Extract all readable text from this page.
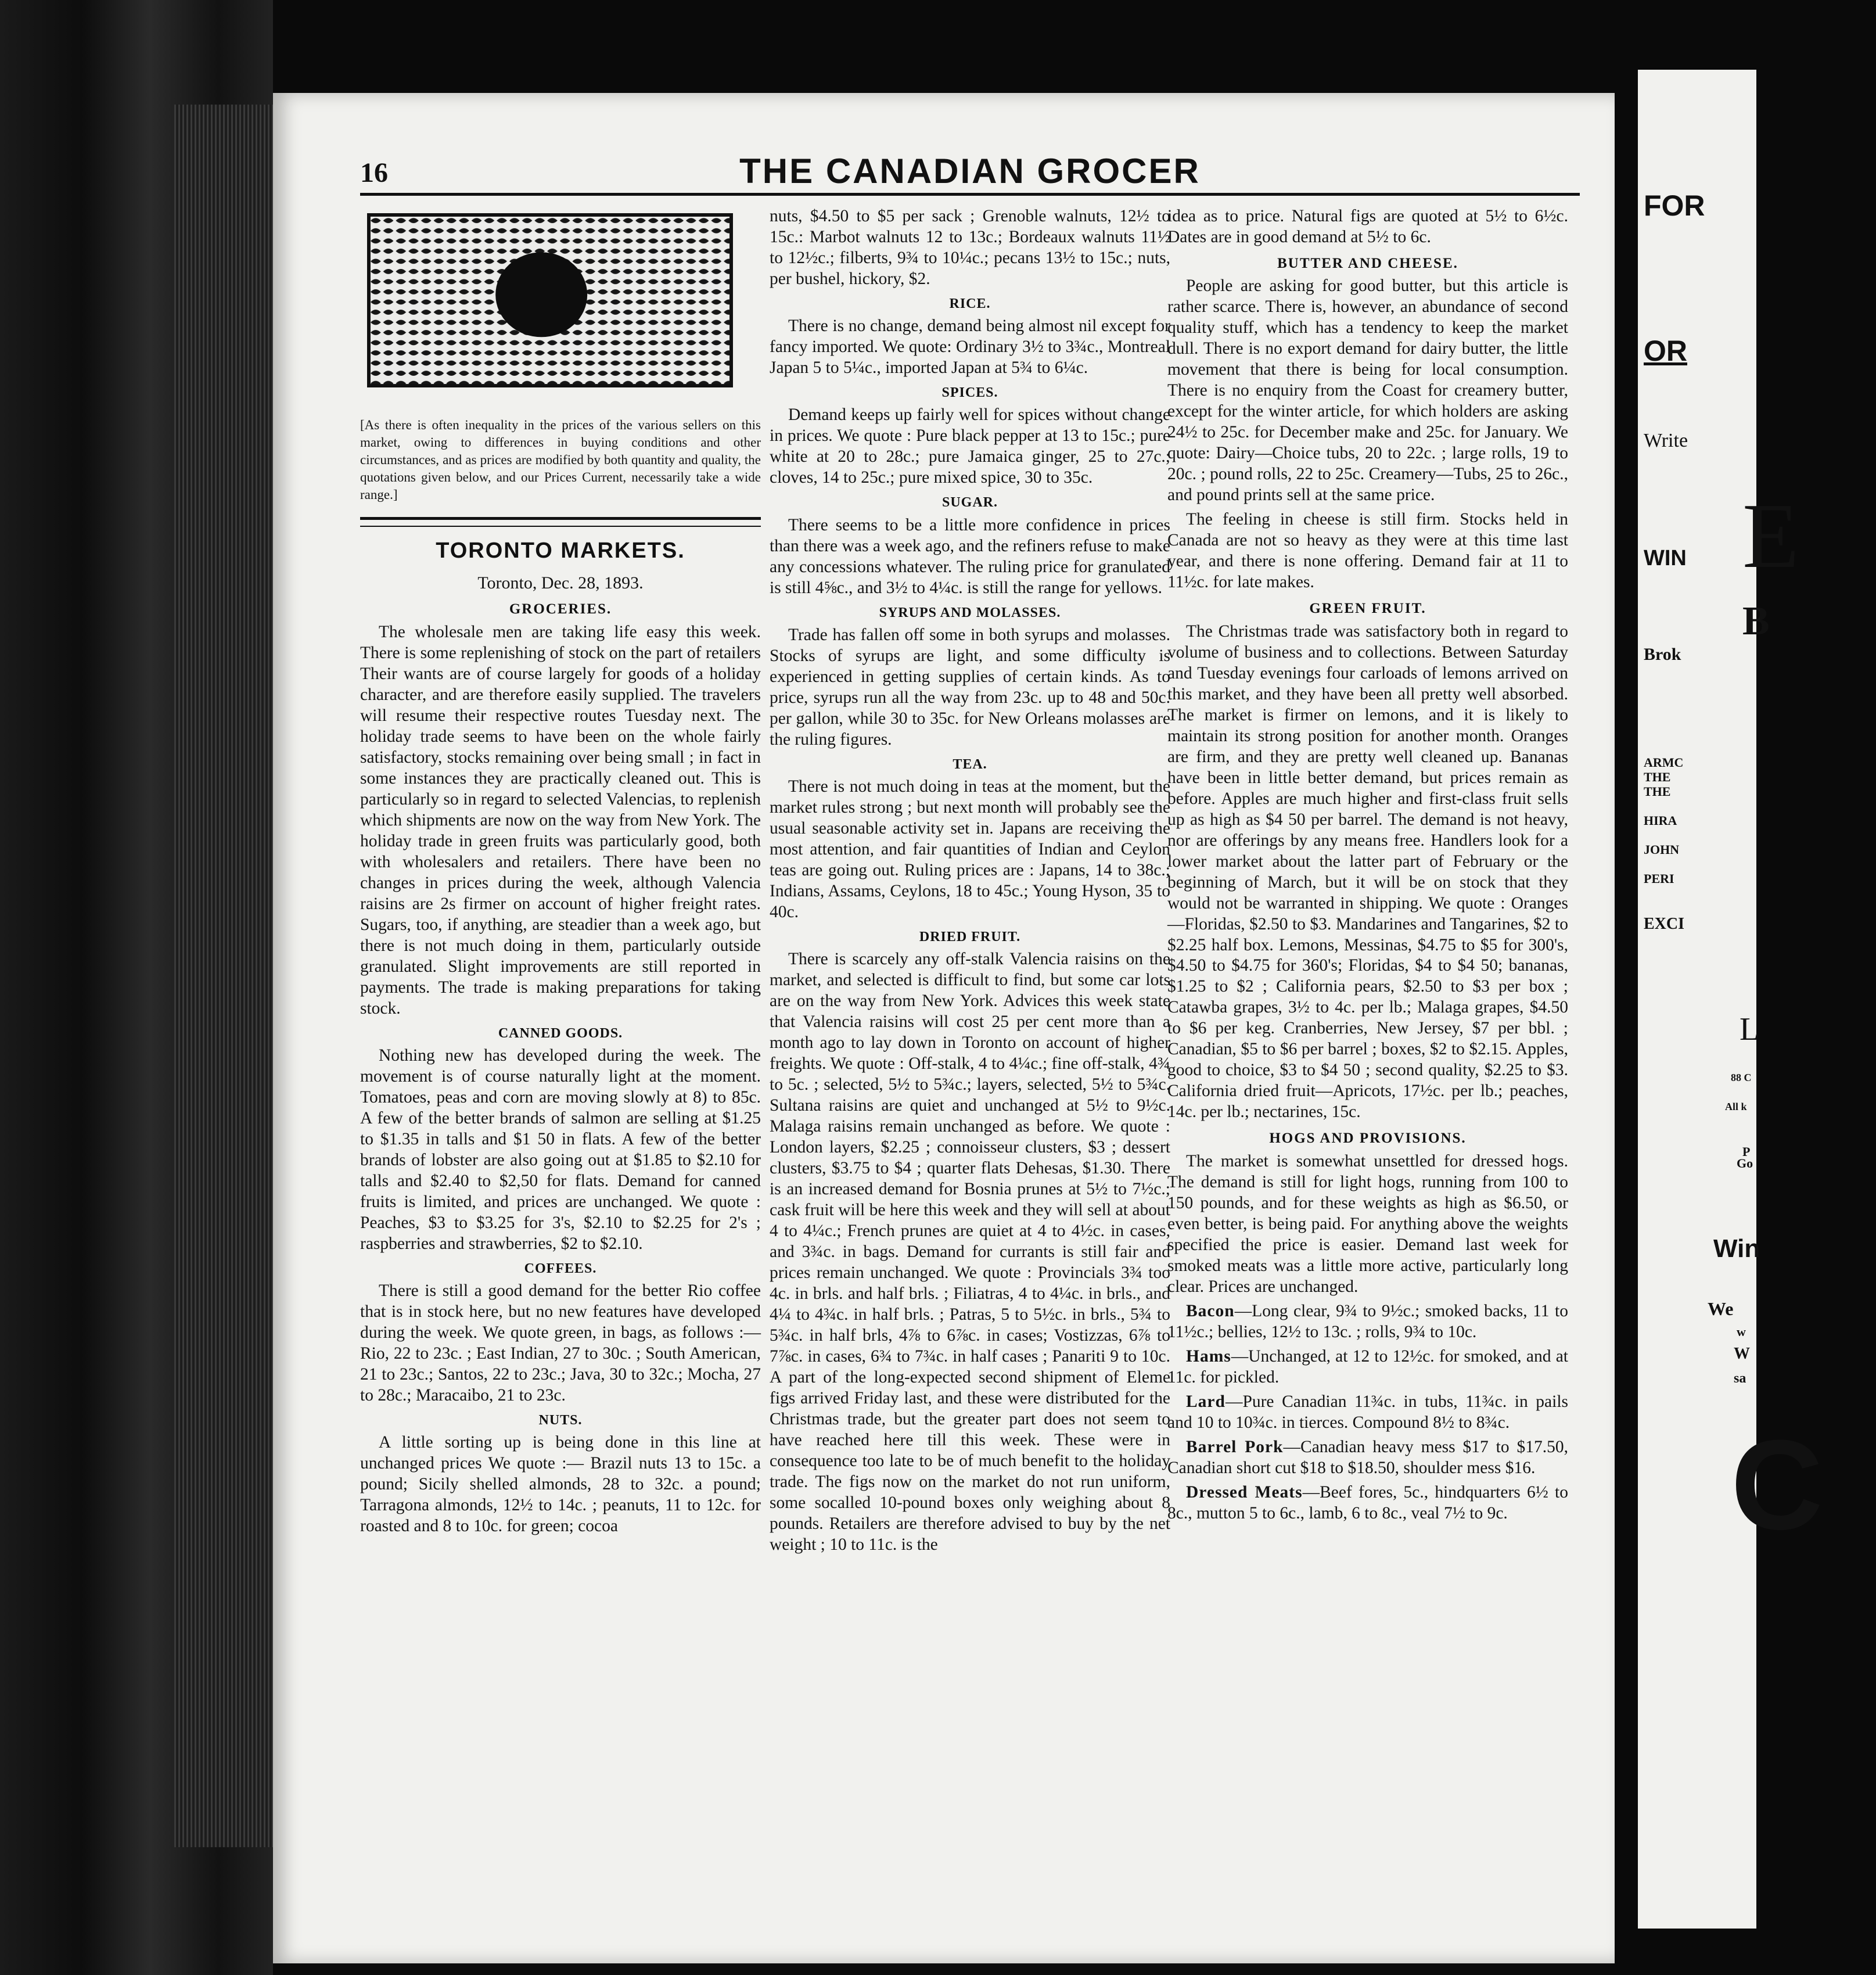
FOR
OR
Write
E
WIN
B
Brok
ARMC
THE
THE
HIRA
JOHN
PERI
EXCI
L
88 C
All k
P
Go
Win
We
w
W
sa
C
16	THE CANADIAN GROCER
[As there is often inequality in the prices of the various sellers on this market, owing to differences in buying conditions and other circumstances, and as prices are modified by both quantity and quality, the quotations given below, and our Prices Current, necessarily take a wide range.]
TORONTO MARKETS.
Toronto, Dec. 28, 1893.
GROCERIES.

The wholesale men are taking life easy this week. There is some replenishing of stock on the part of retailers Their wants are of course largely for goods of a holiday character, and are therefore easily supplied. The travelers will resume their respective routes Tuesday next. The holiday trade seems to have been on the whole fairly satisfactory, stocks remaining over being small ; in fact in some instances they are practically cleaned out. This is particularly so in regard to selected Valencias, to replenish which shipments are now on the way from New York. The holiday trade in green fruits was particularly good, both with wholesalers and retailers. There have been no changes in prices during the week, although Valencia raisins are 2s firmer on account of higher freight rates. Sugars, too, if anything, are steadier than a week ago, but there is not much doing in them, particularly outside granulated. Slight improvements are still reported in payments. The trade is making preparations for taking stock.

CANNED GOODS.

Nothing new has developed during the week. The movement is of course naturally light at the moment. Tomatoes, peas and corn are moving slowly at 8) to 85c. A few of the better brands of salmon are selling at $1.25 to $1.35 in talls and $1 50 in flats. A few of the better brands of lobster are also going out at $1.85 to $2.10 for talls and $2.40 to $2,50 for flats. Demand for canned fruits is limited, and prices are unchanged. We quote : Peaches, $3 to $3.25 for 3's, $2.10 to $2.25 for 2's ; raspberries and strawberries, $2 to $2.10.

COFFEES.

There is still a good demand for the better Rio coffee that is in stock here, but no new features have developed during the week. We quote green, in bags, as follows :—Rio, 22 to 23c. ; East Indian, 27 to 30c. ; South American, 21 to 23c.; Santos, 22 to 23c.; Java, 30 to 32c.; Mocha, 27 to 28c.; Maracaibo, 21 to 23c.

NUTS.

A little sorting up is being done in this line at unchanged prices We quote :— Brazil nuts 13 to 15c. a pound; Sicily shelled almonds, 28 to 32c. a pound; Tarragona almonds, 12½ to 14c. ; peanuts, 11 to 12c. for roasted and 8 to 10c. for green; cocoa

nuts, $4.50 to $5 per sack ; Grenoble walnuts, 12½ to 15c.: Marbot walnuts 12 to 13c.; Bordeaux walnuts 11½ to 12½c.; filberts, 9¾ to 10¼c.; pecans 13½ to 15c.; nuts, per bushel, hickory, $2.

RICE.

There is no change, demand being almost nil except for fancy imported. We quote: Ordinary 3½ to 3¾c., Montreal Japan 5 to 5¼c., imported Japan at 5¾ to 6¼c.

SPICES.

Demand keeps up fairly well for spices without change in prices. We quote : Pure black pepper at 13 to 15c.; pure white at 20 to 28c.; pure Jamaica ginger, 25 to 27c.; cloves, 14 to 25c.; pure mixed spice, 30 to 35c.

SUGAR.

There seems to be a little more confidence in prices than there was a week ago, and the refiners refuse to make any concessions whatever. The ruling price for granulated is still 4⅝c., and 3½ to 4¼c. is still the range for yellows.

SYRUPS AND MOLASSES.

Trade has fallen off some in both syrups and molasses. Stocks of syrups are light, and some difficulty is experienced in getting supplies of certain kinds. As to price, syrups run all the way from 23c. up to 48 and 50c. per gallon, while 30 to 35c. for New Orleans molasses are the ruling figures.

TEA.

There is not much doing in teas at the moment, but the market rules strong ; but next month will probably see the usual seasonable activity set in. Japans are receiving the most attention, and fair quantities of Indian and Ceylon teas are going out. Ruling prices are : Japans, 14 to 38c.; Indians, Assams, Ceylons, 18 to 45c.; Young Hyson, 35 to 40c.

DRIED FRUIT.

There is scarcely any off-stalk Valencia raisins on the market, and selected is difficult to find, but some car lots are on the way from New York. Advices this week state that Valencia raisins will cost 25 per cent more than a month ago to lay down in Toronto on account of higher freights. We quote : Off-stalk, 4 to 4¼c.; fine off-stalk, 4¾ to 5c. ; selected, 5½ to 5¾c.; layers, selected, 5½ to 5¾c. Sultana raisins are quiet and unchanged at 5½ to 9½c. Malaga raisins remain unchanged as before. We quote : London layers, $2.25 ; connoisseur clusters, $3 ; dessert clusters, $3.75 to $4 ; quarter flats Dehesas, $1.30. There is an increased demand for Bosnia prunes at 5½ to 7½c.; cask fruit will be here this week and they will sell at about 4 to 4¼c.; French prunes are quiet at 4 to 4½c. in cases, and 3¾c. in bags. Demand for currants is still fair and prices remain unchanged. We quote : Provincials 3¾ too 4c. in brls. and half brls. ; Filiatras, 4 to 4¼c. in brls., and 4¼ to 4¾c. in half brls. ; Patras, 5 to 5½c. in brls., 5¾ to 5¾c. in half brls, 4⅞ to 6⅞c. in cases; Vostizzas, 6⅞ to 7⅞c. in cases, 6¾ to 7¾c. in half cases ; Panariti 9 to 10c. A part of the long-expected second shipment of Eleme figs arrived Friday last, and these were distributed for the Christmas trade, but the greater part does not seem to have reached here till this week. These were in consequence too late to be of much benefit to the holiday trade. The figs now on the market do not run uniform, some socalled 10-pound boxes only weighing about 8 pounds. Retailers are therefore advised to buy by the net weight ; 10 to 11c. is the

idea as to price. Natural figs are quoted at 5½ to 6½c. Dates are in good demand at 5½ to 6c.

BUTTER AND CHEESE.

People are asking for good butter, but this article is rather scarce. There is, however, an abundance of second quality stuff, which has a tendency to keep the market dull. There is no export demand for dairy butter, the little movement that there is being for local consumption. There is no enquiry from the Coast for creamery butter, except for the winter article, for which holders are asking 24½ to 25c. for December make and 25c. for January. We quote: Dairy—Choice tubs, 20 to 22c. ; large rolls, 19 to 20c. ; pound rolls, 22 to 25c. Creamery—Tubs, 25 to 26c., and pound prints sell at the same price.

The feeling in cheese is still firm. Stocks held in Canada are not so heavy as they were at this time last year, and there is none offering. Demand fair at 11 to 11½c. for late makes.

GREEN FRUIT.

The Christmas trade was satisfactory both in regard to volume of business and to collections. Between Saturday and Tuesday evenings four carloads of lemons arrived on this market, and they have been all pretty well absorbed. The market is firmer on lemons, and it is likely to maintain its strong position for another month. Oranges are firm, and they are pretty well cleaned up. Bananas have been in little better demand, but prices remain as before. Apples are much higher and first-class fruit sells up as high as $4 50 per barrel. The demand is not heavy, nor are offerings by any means free. Handlers look for a lower market about the latter part of February or the beginning of March, but it will be on stock that they would not be warranted in shipping. We quote : Oranges—Floridas, $2.50 to $3. Mandarines and Tangarines, $2 to $2.25 half box. Lemons, Messinas, $4.75 to $5 for 300's, $4.50 to $4.75 for 360's; Floridas, $4 to $4 50; bananas, $1.25 to $2 ; California pears, $2.50 to $3 per box ; Catawba grapes, 3½ to 4c. per lb.; Malaga grapes, $4.50 to $6 per keg. Cranberries, New Jersey, $7 per bbl. ; Canadian, $5 to $6 per barrel ; boxes, $2 to $2.15. Apples, good to choice, $3 to $4 50 ; second quality, $2.25 to $3. California dried fruit—Apricots, 17½c. per lb.; peaches, 14c. per lb.; nectarines, 15c.

HOGS AND PROVISIONS.

The market is somewhat unsettled for dressed hogs. The demand is still for light hogs, running from 100 to 150 pounds, and for these weights as high as $6.50, or even better, is being paid. For anything above the weights specified the price is easier. Demand last week for smoked meats was a little more active, particularly long clear. Prices are unchanged.

Bacon—Long clear, 9¾ to 9½c.; smoked backs, 11 to 11½c.; bellies, 12½ to 13c. ; rolls, 9¾ to 10c.

Hams—Unchanged, at 12 to 12½c. for smoked, and at 11c. for pickled.

Lard—Pure Canadian 11¾c. in tubs, 11¾c. in pails and 10 to 10¾c. in tierces. Compound 8½ to 8¾c.

Barrel Pork—Canadian heavy mess $17 to $17.50, Canadian short cut $18 to $18.50, shoulder mess $16.

Dressed Meats—Beef fores, 5c., hindquarters 6½ to 8c., mutton 5 to 6c., lamb, 6 to 8c., veal 7½ to 9c.
